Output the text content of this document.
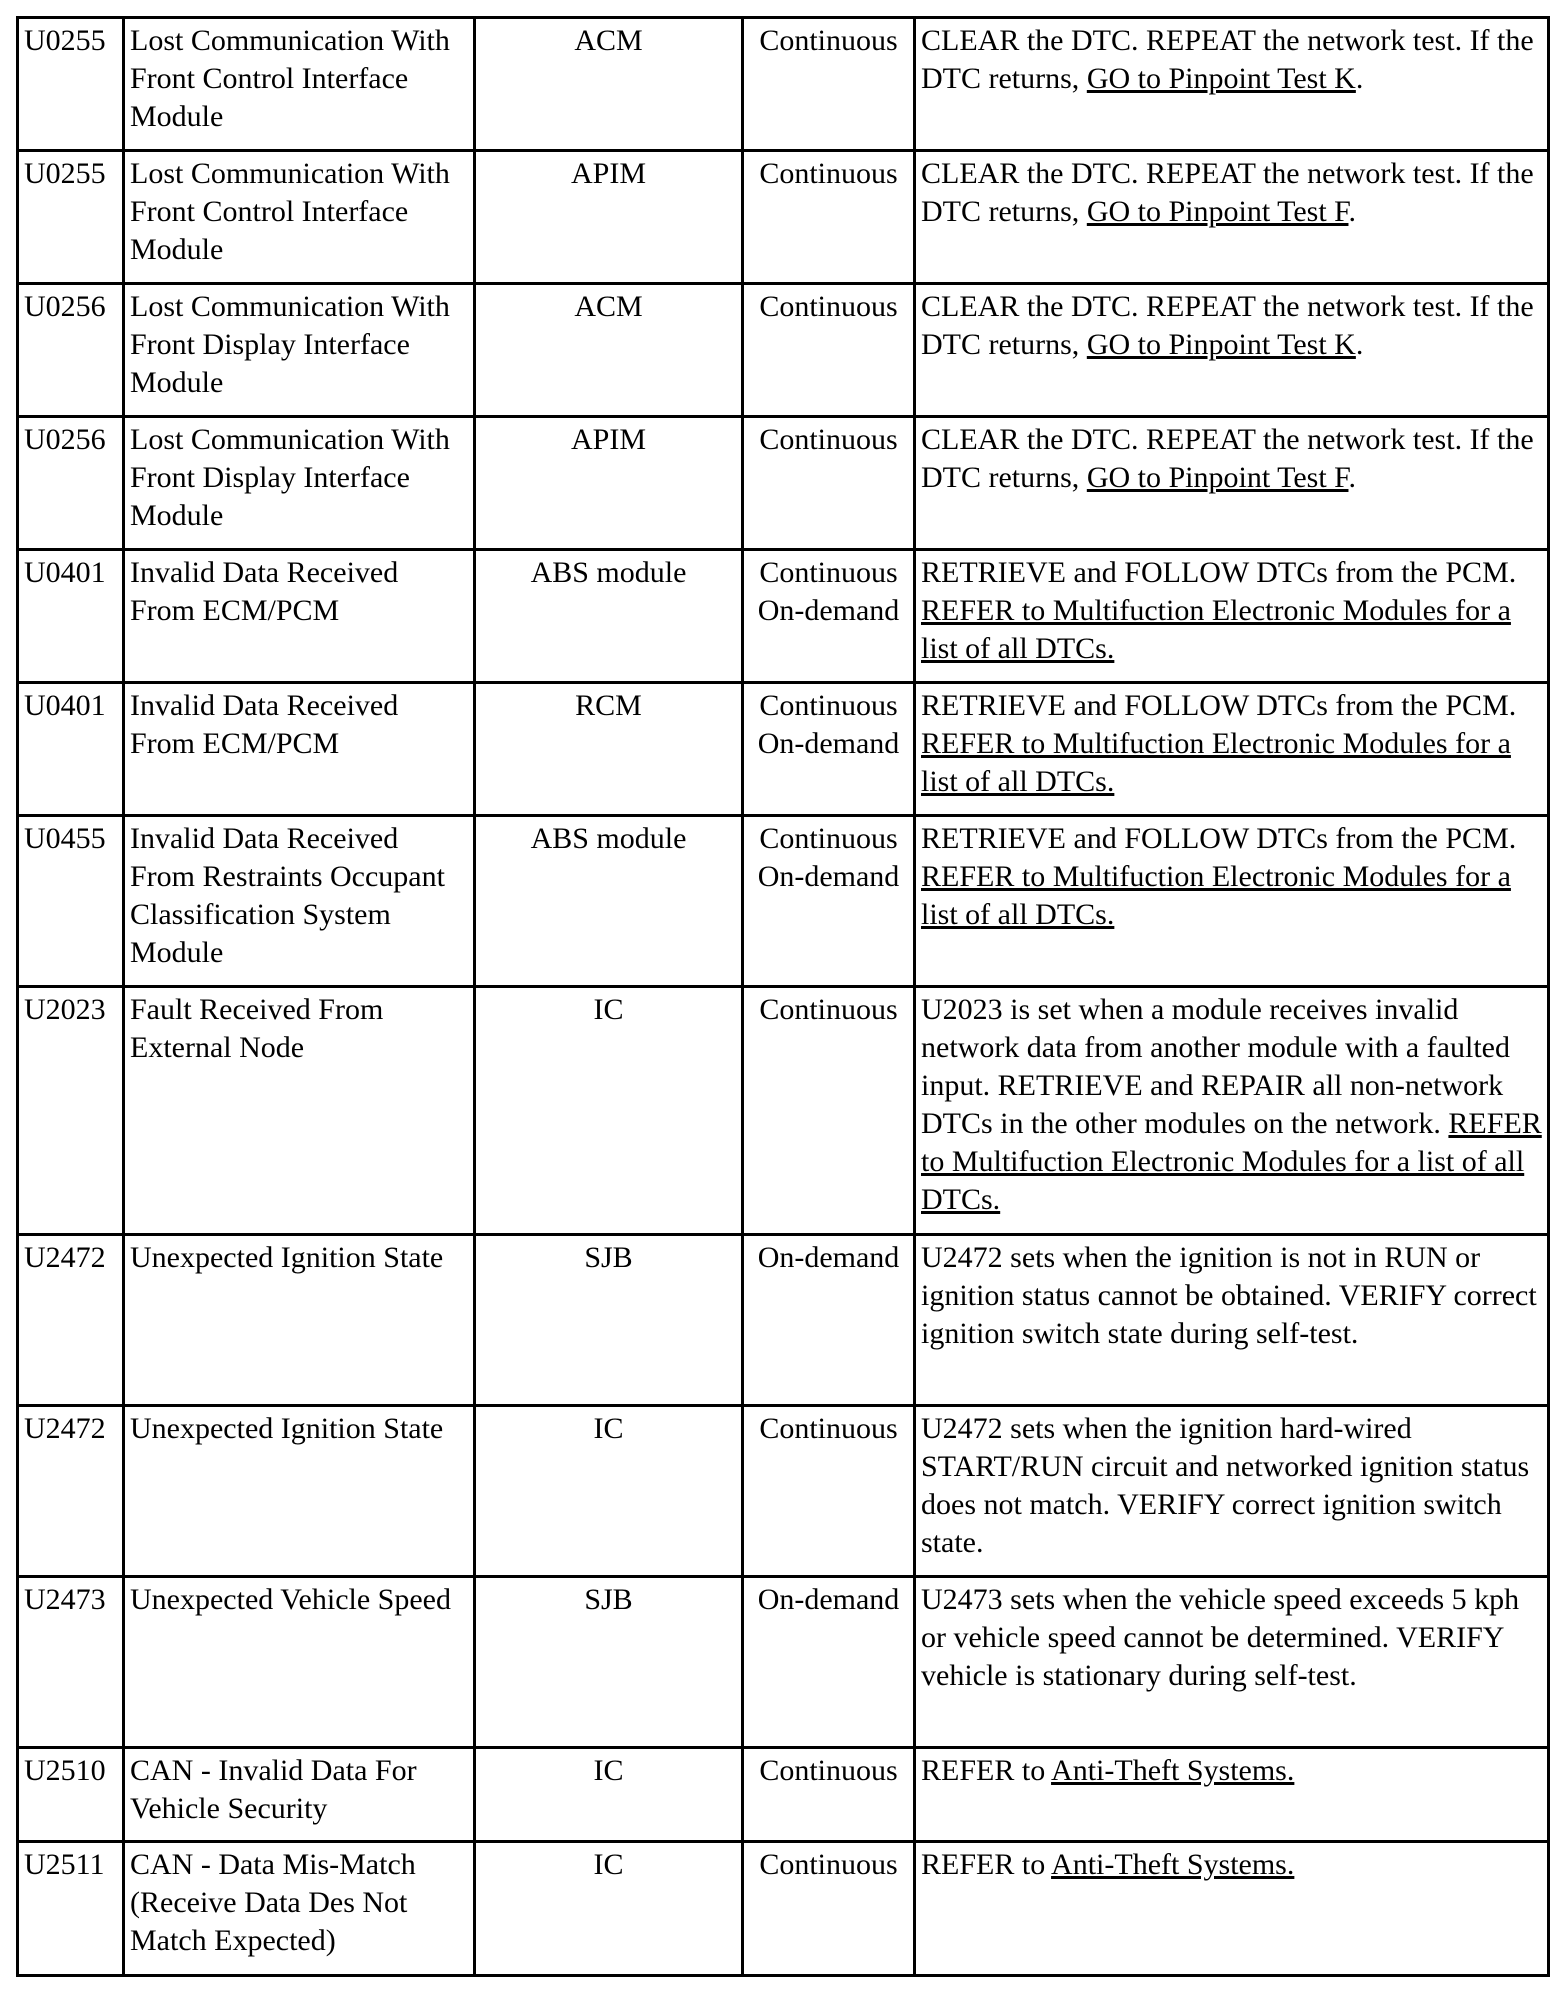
U0255	Lost Communication With Front Control Interface Module	ACM	Continuous	CLEAR the DTC. REPEAT the network test. If the DTC returns, GO to Pinpoint Test K.
U0255	Lost Communication With Front Control Interface Module	APIM	Continuous	CLEAR the DTC. REPEAT the network test. If the DTC returns, GO to Pinpoint Test F.
U0256	Lost Communication With Front Display Interface Module	ACM	Continuous	CLEAR the DTC. REPEAT the network test. If the DTC returns, GO to Pinpoint Test K.
U0256	Lost Communication With Front Display Interface Module	APIM	Continuous	CLEAR the DTC. REPEAT the network test. If the DTC returns, GO to Pinpoint Test F.
U0401	Invalid Data Received From ECM/PCM	ABS module	Continuous On-demand	RETRIEVE and FOLLOW DTCs from the PCM. REFER to Multifuction Electronic Modules for a list of all DTCs.
U0401	Invalid Data Received From ECM/PCM	RCM	Continuous On-demand	RETRIEVE and FOLLOW DTCs from the PCM. REFER to Multifuction Electronic Modules for a list of all DTCs.
U0455	Invalid Data Received From Restraints Occupant Classification System Module	ABS module	Continuous On-demand	RETRIEVE and FOLLOW DTCs from the PCM. REFER to Multifuction Electronic Modules for a list of all DTCs.
U2023	Fault Received From External Node	IC	Continuous	U2023 is set when a module receives invalid network data from another module with a faulted input. RETRIEVE and REPAIR all non-network DTCs in the other modules on the network. REFER to Multifuction Electronic Modules for a list of all DTCs.
U2472	Unexpected Ignition State	SJB	On-demand	U2472 sets when the ignition is not in RUN or ignition status cannot be obtained. VERIFY correct ignition switch state during self-test.
U2472	Unexpected Ignition State	IC	Continuous	U2472 sets when the ignition hard-wired START/RUN circuit and networked ignition status does not match. VERIFY correct ignition switch state.
U2473	Unexpected Vehicle Speed	SJB	On-demand	U2473 sets when the vehicle speed exceeds 5 kph or vehicle speed cannot be determined. VERIFY vehicle is stationary during self-test.
U2510	CAN - Invalid Data For Vehicle Security	IC	Continuous	REFER to Anti-Theft Systems.
U2511	CAN - Data Mis-Match (Receive Data Des Not Match Expected)	IC	Continuous	REFER to Anti-Theft Systems.
